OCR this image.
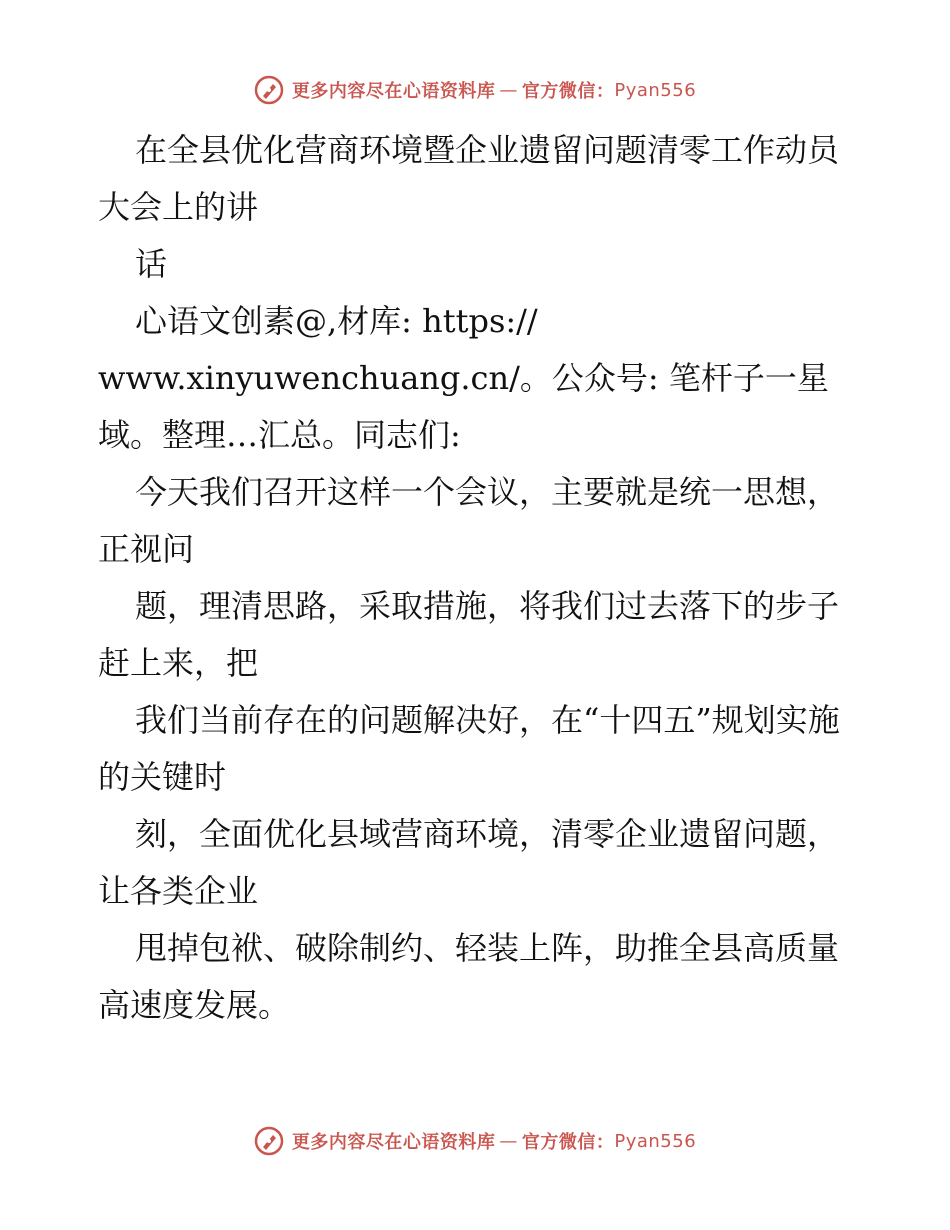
更多内容尽在心语资料库 — 官方微信： Pyan556

在全县优化营商环境暨企业遗留问题清零工作动员大会上的讲

话

心语文创素@,材库: https://

www.xinyuwenchuang.cn/。公众号: 笔杆子一星域。整理…汇总。同志们:

今天我们召开这样一个会议，主要就是统一思想，正视问

题，理清思路，采取措施，将我们过去落下的步子赶上来，把

我们当前存在的问题解决好，在“十四五”规划实施的关键时

刻，全面优化县域营商环境，清零企业遗留问题，让各类企业

甩掉包袱、破除制约、轻装上阵，助推全县高质量高速度发展。

更多内容尽在心语资料库 — 官方微信： Pyan556
